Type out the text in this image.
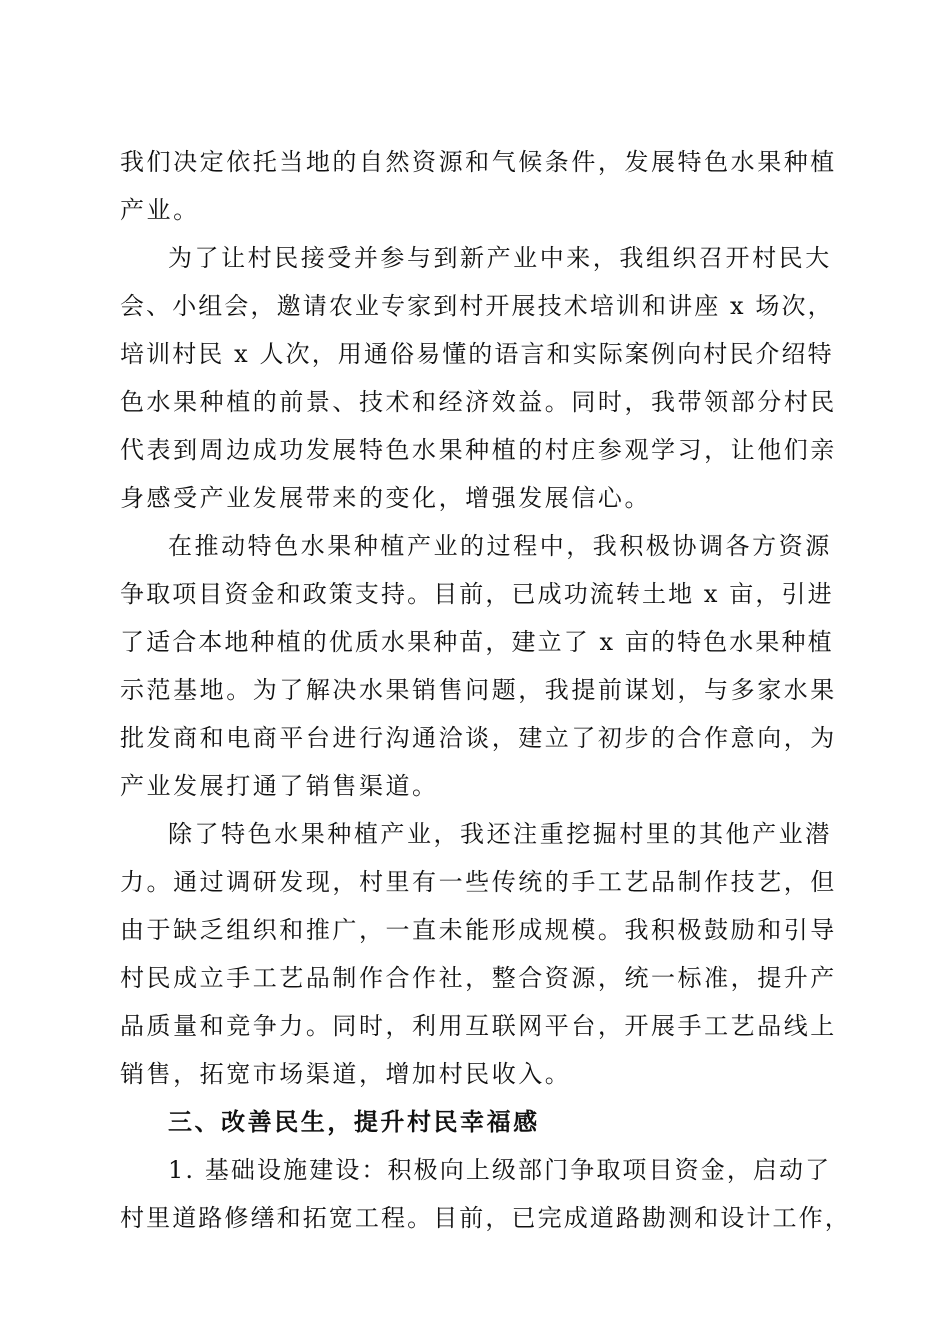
我们决定依托当地的自然资源和气候条件，发展特色水果种植
产业。
为了让村民接受并参与到新产业中来，我组织召开村民大
会、小组会，邀请农业专家到村开展技术培训和讲座 x 场次，
培训村民 x 人次，用通俗易懂的语言和实际案例向村民介绍特
色水果种植的前景、技术和经济效益。同时，我带领部分村民
代表到周边成功发展特色水果种植的村庄参观学习，让他们亲
身感受产业发展带来的变化，增强发展信心。
在推动特色水果种植产业的过程中，我积极协调各方资源
争取项目资金和政策支持。目前，已成功流转土地 x 亩，引进
了适合本地种植的优质水果种苗，建立了 x 亩的特色水果种植
示范基地。为了解决水果销售问题，我提前谋划，与多家水果
批发商和电商平台进行沟通洽谈，建立了初步的合作意向，为
产业发展打通了销售渠道。
除了特色水果种植产业，我还注重挖掘村里的其他产业潜
力。通过调研发现，村里有一些传统的手工艺品制作技艺，但
由于缺乏组织和推广，一直未能形成规模。我积极鼓励和引导
村民成立手工艺品制作合作社，整合资源，统一标准，提升产
品质量和竞争力。同时，利用互联网平台，开展手工艺品线上
销售，拓宽市场渠道，增加村民收入。
三、改善民生，提升村民幸福感
1. 基础设施建设：积极向上级部门争取项目资金，启动了
村里道路修缮和拓宽工程。目前，已完成道路勘测和设计工作，
